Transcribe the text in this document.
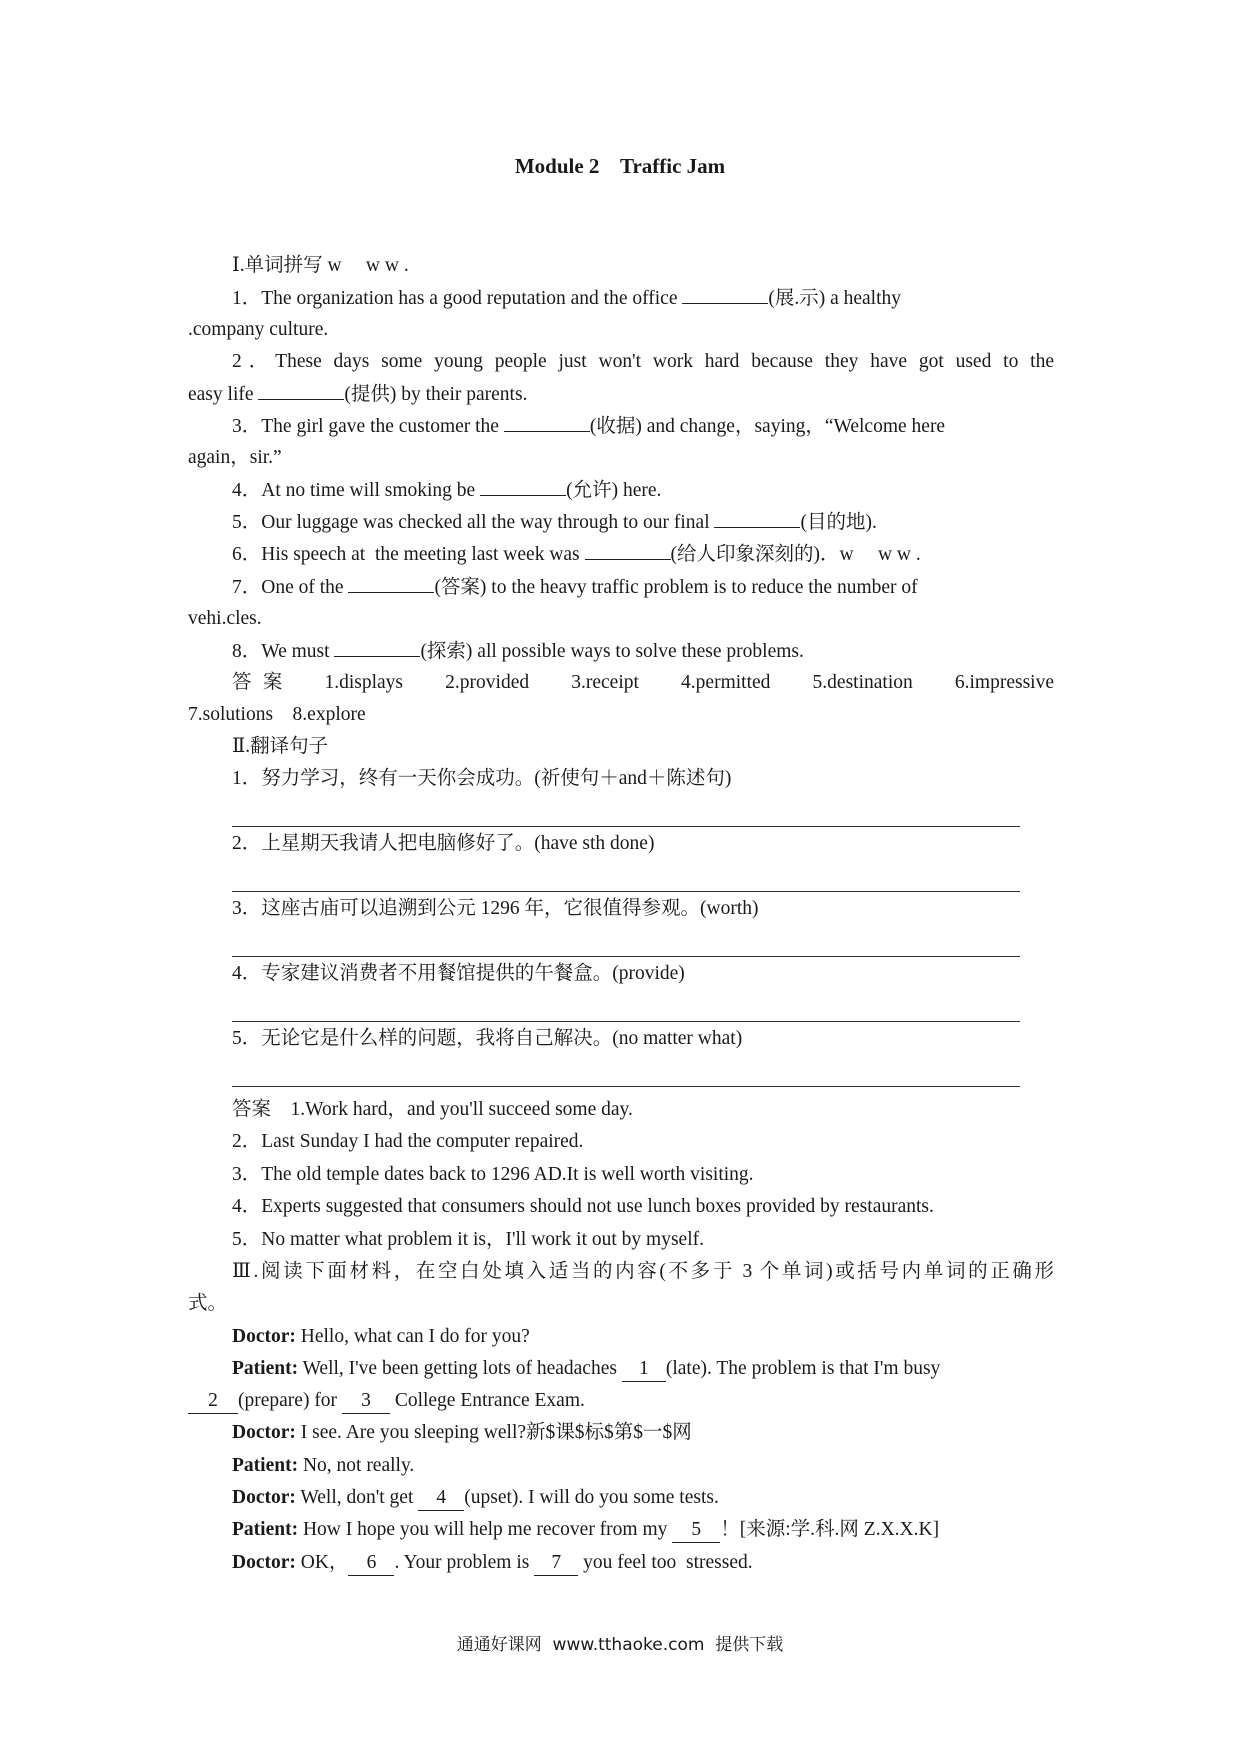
Module 2    Traffic Jam
Ⅰ.单词拼写 w     w w .
1．The organization has a good reputation and the office	(展.示) a healthy
.company culture.
2．These days some young people just won't work hard because they have got used to the
easy life	(提供) by their parents.
3．The girl gave the customer the	(收据) and change，saying，“Welcome here
again，sir.”
4．At no time will smoking be	(允许) here.
5．Our luggage was checked all the way through to our final	(目的地).
6．His speech at  the meeting last week was	(给人印象深刻的)．w     w w .
7．One of the	(答案) to the heavy traffic problem is to reduce the number of
vehi.cles.
8．We must	(探索) all possible ways to solve these problems.
答案　1.displays　2.provided　3.receipt　4.permitted　5.destination　6.impressive
7.solutions　8.explore
Ⅱ.翻译句子
1．努力学习，终有一天你会成功。(祈使句＋and＋陈述句)
2．上星期天我请人把电脑修好了。(have sth done)
3．这座古庙可以追溯到公元 1296 年，它很值得参观。(worth)
4．专家建议消费者不用餐馆提供的午餐盒。(provide)
5．无论它是什么样的问题，我将自己解决。(no matter what)
答案　1.Work hard，and you'll succeed some day.
2．Last Sunday I had the computer repaired.
3．The old temple dates back to 1296 AD.It is well worth visiting.
4．Experts suggested that consumers should not use lunch boxes provided by restaurants.
5．No matter what problem it is，I'll work it out by myself.
Ⅲ.阅读下面材料，在空白处填入适当的内容(不多于 3 个单词)或括号内单词的正确形
式。
Doctor: Hello, what can I do for you?
Patient: Well, I've been getting lots of headaches 1 (late). The problem is that I'm busy
2 (prepare) for 3 College Entrance Exam.
Doctor: I see. Are you sleeping well?新$课$标$第$一$网
Patient: No, not really.
Doctor: Well, don't get 4 (upset). I will do you some tests.
Patient: How I hope you will help me recover from my 5 ！[来源:学.科.网 Z.X.X.K]
Doctor: OK， 6 . Your problem is 7 you feel too  stressed.
通通好课网  www.tthaoke.com  提供下载
